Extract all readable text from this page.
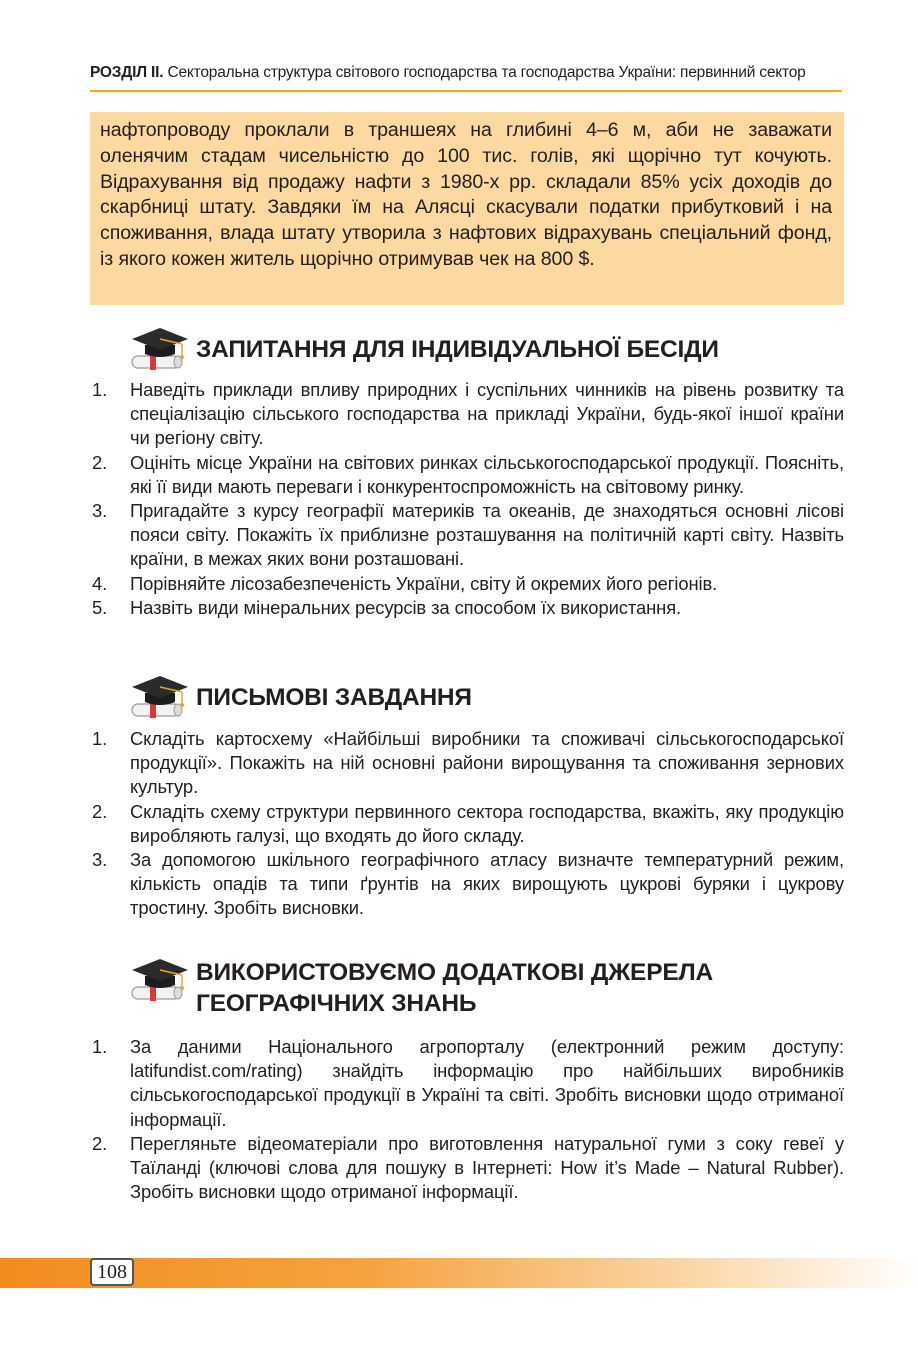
РОЗДІЛ ІІ. Секторальна структура світового господарства та господарства України: первинний сектор

нафтопроводу проклали в траншеях на глибині 4–6 м, аби не заважати оленячим стадам чисельністю до 100 тис. голів, які щорічно тут кочують. Відрахування від продажу нафти з 1980-х рр. складали 85% усіх доходів до скарбниці штату. Завдяки їм на Алясці скасували податки прибутковий і на споживання, влада штату утворила з нафтових відрахувань спеціальний фонд, із якого кожен житель щорічно отримував чек на 800 $.

ЗАПИТАННЯ ДЛЯ ІНДИВІДУАЛЬНОЇ БЕСІДИ
1. Наведіть приклади впливу природних і суспільних чинників на рівень розвитку та спеціалізацію сільського господарства на прикладі України, будь-якої іншої країни чи регіону світу.
2. Оцініть місце України на світових ринках сільськогосподарської продукції. Поясніть, які її види мають переваги і конкурентоспроможність на світовому ринку.
3. Пригадайте з курсу географії материків та океанів, де знаходяться основні лісові пояси світу. Покажіть їх приблизне розташування на політичній карті світу. Назвіть країни, в межах яких вони розташовані.
4. Порівняйте лісозабезпеченість України, світу й окремих його регіонів.
5. Назвіть види мінеральних ресурсів за способом їх використання.
ПИСЬМОВІ ЗАВДАННЯ
1. Складіть картосхему «Найбільші виробники та споживачі сільськогосподарської продукції». Покажіть на ній основні райони вирощування та споживання зернових культур.
2. Складіть схему структури первинного сектора господарства, вкажіть, яку продукцію виробляють галузі, що входять до його складу.
3. За допомогою шкільного географічного атласу визначте температурний режим, кількість опадів та типи ґрунтів на яких вирощують цукрові буряки і цукрову тростину. Зробіть висновки.
ВИКОРИСТОВУЄМО ДОДАТКОВІ ДЖЕРЕЛА
ГЕОГРАФІЧНИХ ЗНАНЬ
1. За даними Національного агропорталу (електронний режим доступу: latifundist.com/rating) знайдіть інформацію про найбільших виробників сільськогосподарської продукції в Україні та світі. Зробіть висновки щодо отриманої інформації.
2. Перегляньте відеоматеріали про виготовлення натуральної гуми з соку гевеї у Таїланді (ключові слова для пошуку в Інтернеті: How it’s Made – Natural Rubber). Зробіть висновки щодо отриманої інформації.
108
